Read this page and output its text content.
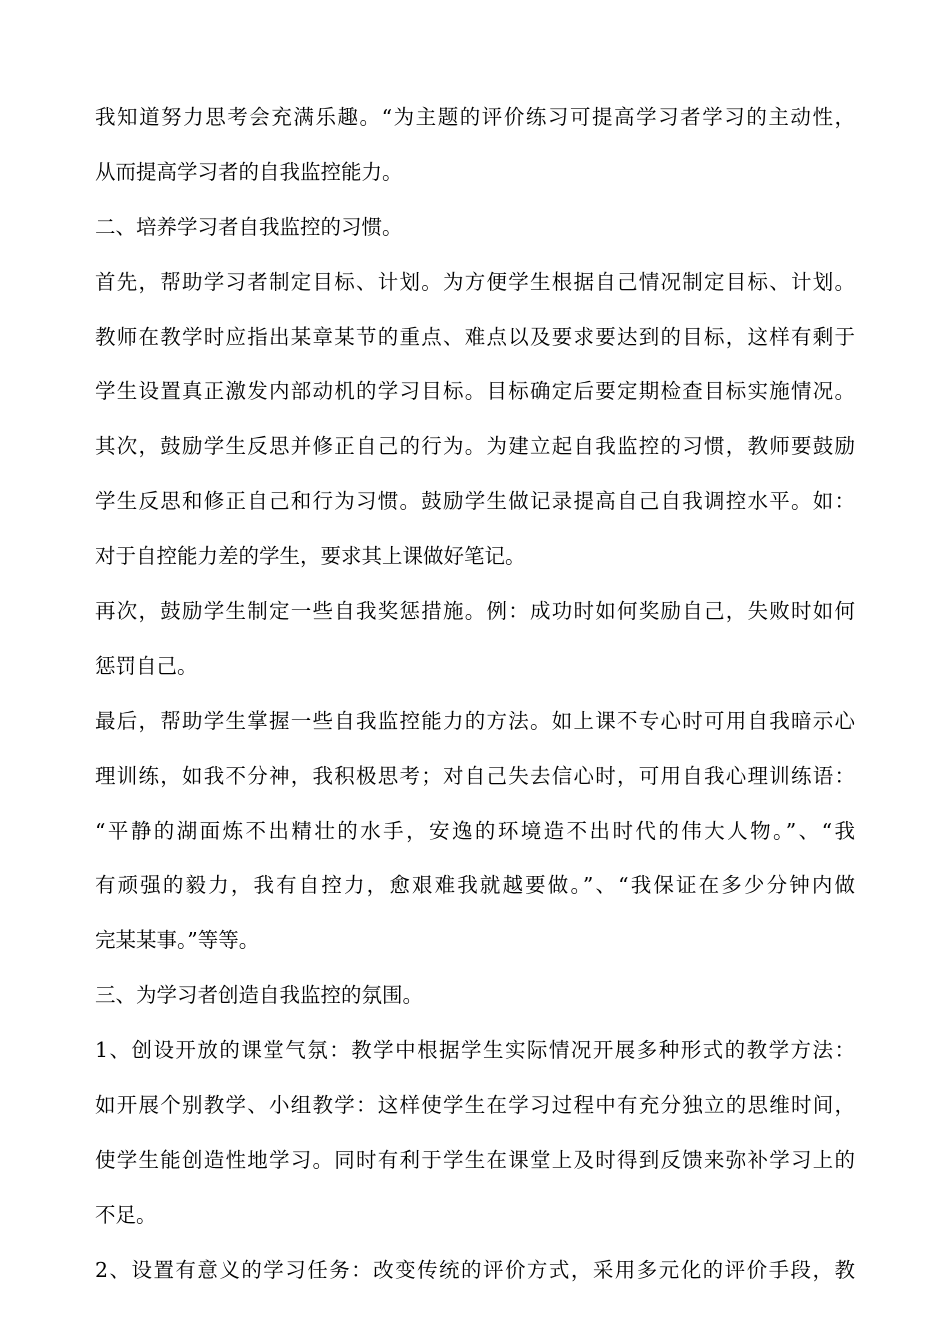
我知道努力思考会充满乐趣。“为主题的评价练习可提高学习者学习的主动性，
从而提高学习者的自我监控能力。
二、培养学习者自我监控的习惯。
首先，帮助学习者制定目标、计划。为方便学生根据自己情况制定目标、计划。
教师在教学时应指出某章某节的重点、难点以及要求要达到的目标，这样有剩于
学生设置真正激发内部动机的学习目标。目标确定后要定期检查目标实施情况。
其次，鼓励学生反思并修正自己的行为。为建立起自我监控的习惯，教师要鼓励
学生反思和修正自己和行为习惯。鼓励学生做记录提高自己自我调控水平。如：
对于自控能力差的学生，要求其上课做好笔记。
再次，鼓励学生制定一些自我奖惩措施。例：成功时如何奖励自己，失败时如何
惩罚自己。
最后，帮助学生掌握一些自我监控能力的方法。如上课不专心时可用自我暗示心
理训练，如我不分神，我积极思考；对自己失去信心时，可用自我心理训练语：
“平静的湖面炼不出精壮的水手，安逸的环境造不出时代的伟大人物。”、“我
有顽强的毅力，我有自控力，愈艰难我就越要做。”、“我保证在多少分钟内做
完某某事。”等等。
三、为学习者创造自我监控的氛围。
1、创设开放的课堂气氛：教学中根据学生实际情况开展多种形式的教学方法：
如开展个别教学、小组教学：这样使学生在学习过程中有充分独立的思维时间，
使学生能创造性地学习。同时有利于学生在课堂上及时得到反馈来弥补学习上的
不足。
2、设置有意义的学习任务：改变传统的评价方式，采用多元化的评价手段，教
